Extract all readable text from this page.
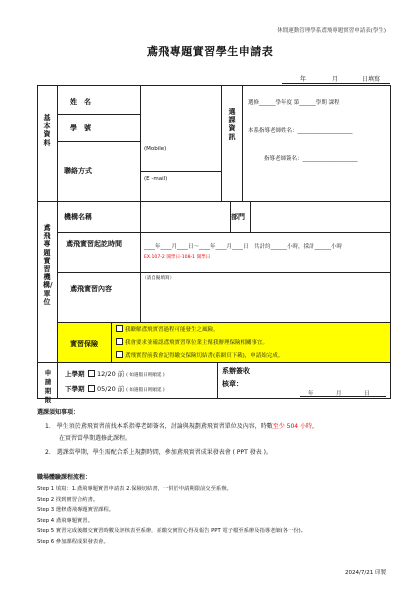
休閒運動管理學系鳶飛專題實習申請表(學生)
鳶飛專題實習學生申請表
年	月	日填寫

基本資料
鳶飛專題實習機構/單位
姓　名
學　號
聯絡方式
(Mobile)
(E -mail)
選課資訊
選修______學年度 第______學期 課程
本系指導老師姓名：____________________
指導老師簽名：____________________
機構名稱	部門
鳶飛實習起訖時間	____年____月____日～____年____月____日　共計約______小時，採計______小時
EX.107-2 開學日-108-1 開學日
鳶飛實習內容
（請自擬填寫）
實習保險
我瞭解鳶飛實習過程可能發生之風險。
我會要求並確認鳶飛實習單位業主幫我辦理保險相關事宜。
鳶飛實習前我會記得繳交保險切結書(系網頁下載)，申請始完成。
申請期限
上學期 12/20 前 ( 如遇假日則順延 )
下學期 05/20 前 ( 如遇假日則順延 )
系辦簽收
核章：
年	月	日
選課須知事項：
1.　學生須於鳶飛實習前找本系指導老師簽名，討論與規劃鳶飛實習單位及內容，時數至少 504 小時，
在實習當學期選修此課程。
2.　選課當學期，學生需配合系上規劃時間，參加鳶飛實習成果發表會 ( PPT 發表 )。
職場體驗課程流程：
Step 1 填寫：1.鳶飛專題實習申請表 2.保險切結書，一併於申請期限前交至系辦。
Step 2 找到實習合約書。
Step 3 選修鳶飛專題實習課程。
Step 4 鳶飛專題實習。
Step 5 實習完成後繳交實習時數及評核表至系辦，並繳交實習心得及報告 PPT 電子檔至系辦及指導老師(各一份)。
Step 6 參加課程成果發表會。
2024/7/21 印製
